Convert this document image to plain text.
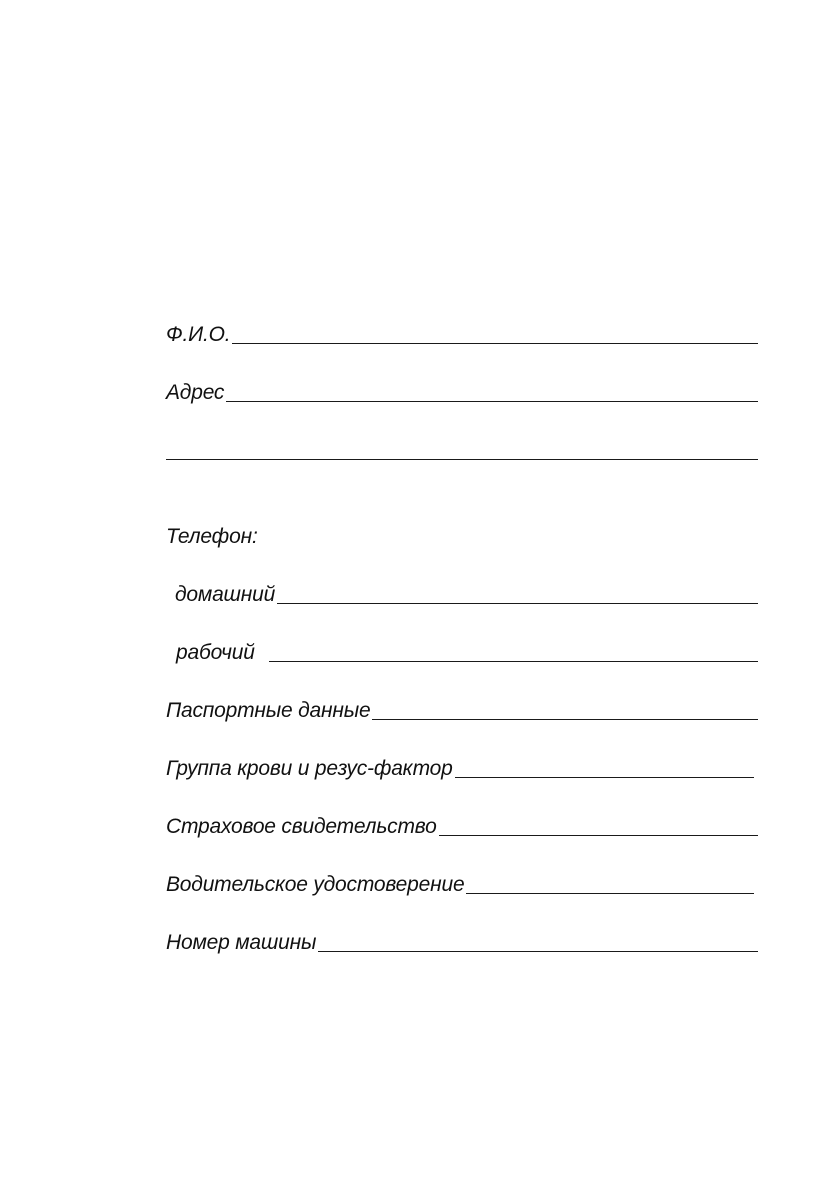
Ф.И.О.
Адрес
Телефон:
домашний
рабочий
Паспортные данные
Группа крови и резус-фактор
Страховое свидетельство
Водительское удостоверение
Номер машины
